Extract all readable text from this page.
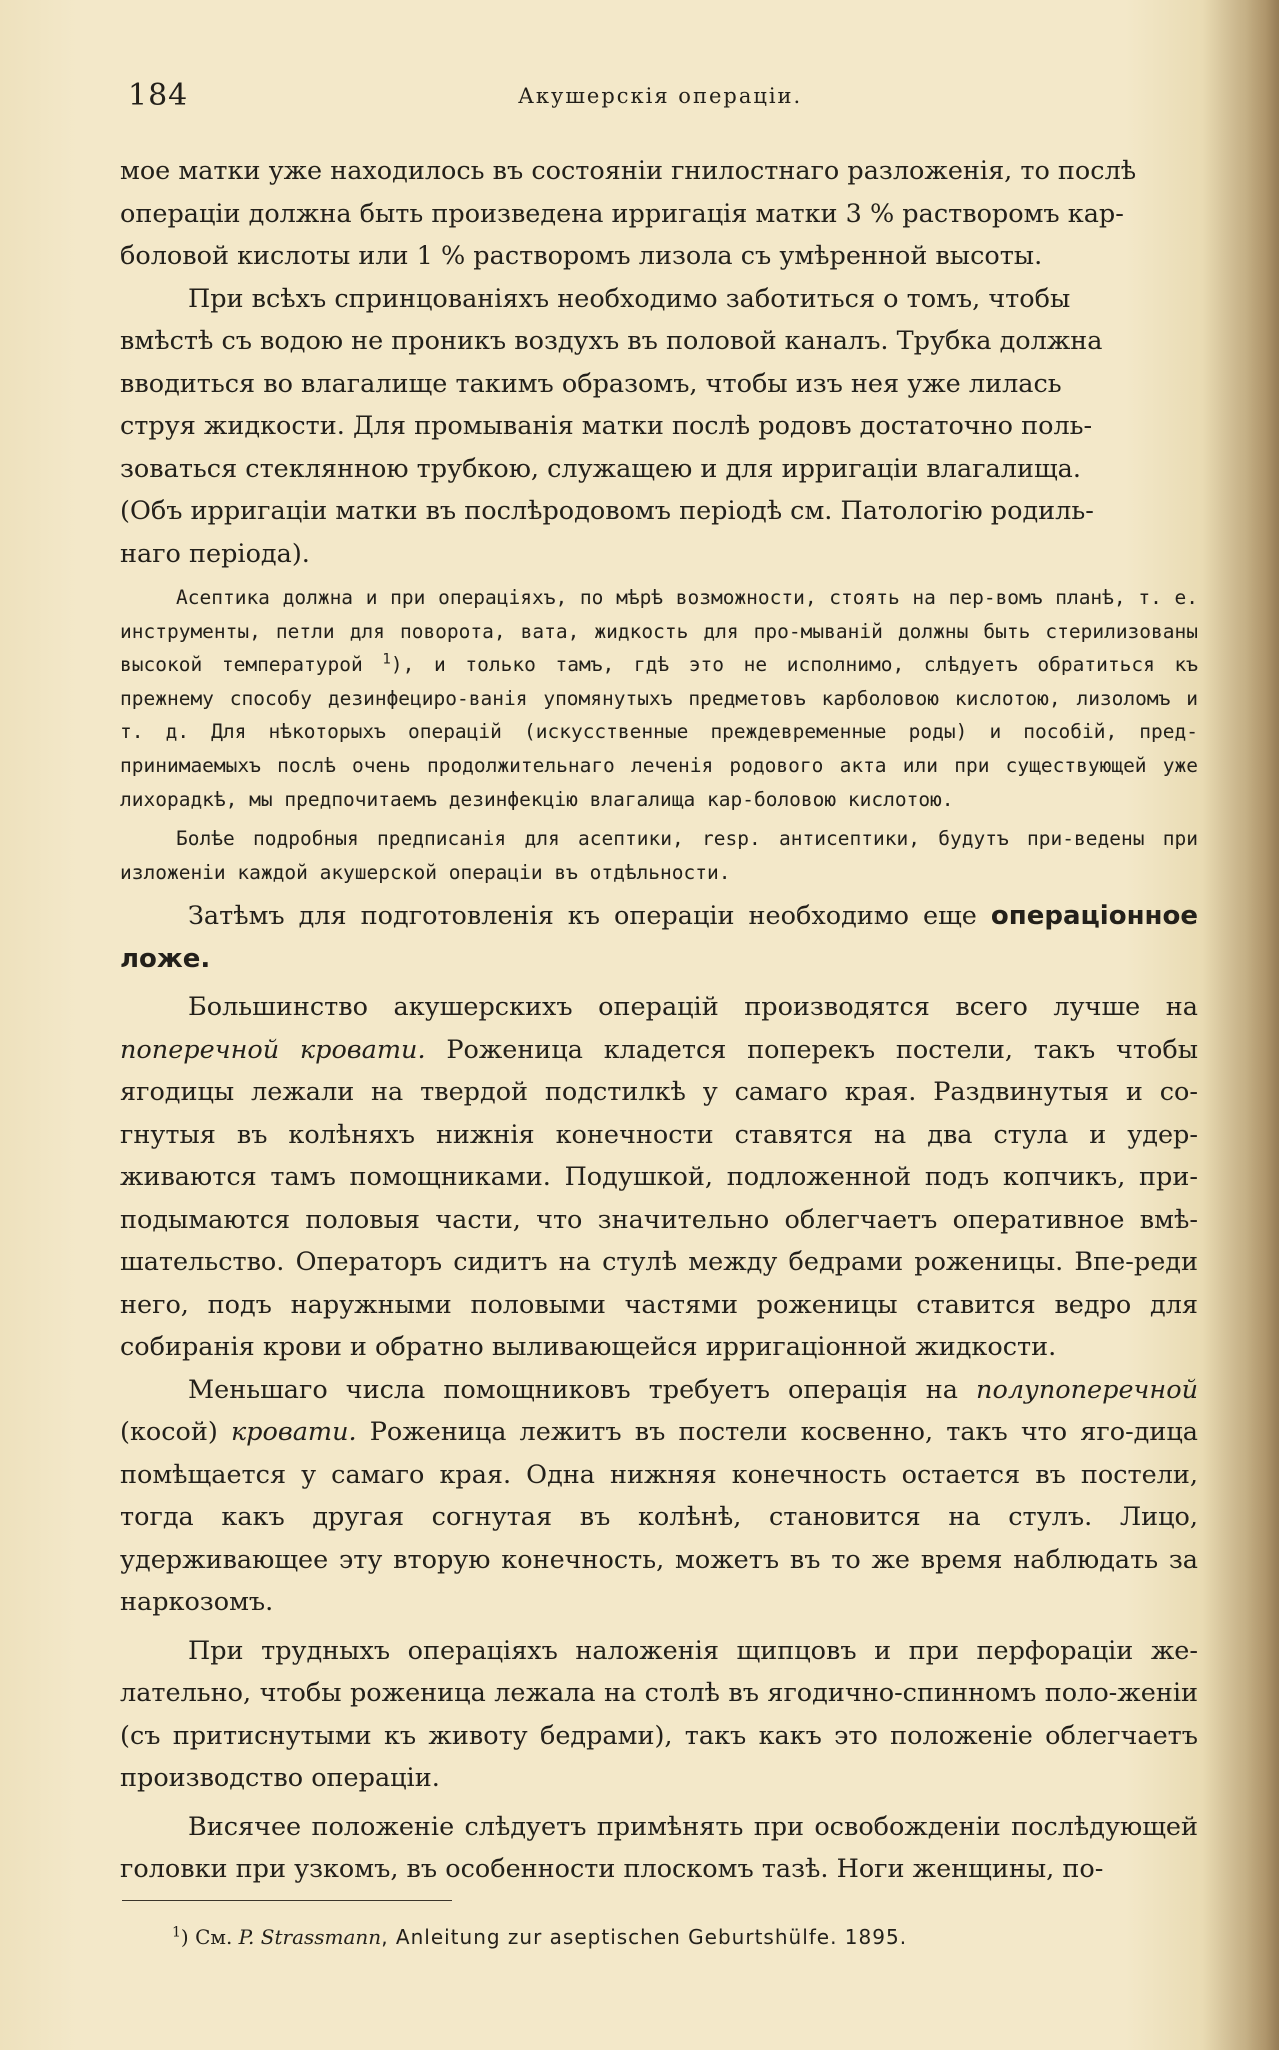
184	Акушерскія операціи.

мое матки уже находилось въ состояніи гнилостнаго разложенія, то послѣ
операціи должна быть произведена ирригація матки 3 % растворомъ кар-
боловой кислоты или 1 % растворомъ лизола съ умѣренной высоты.

При всѣхъ спринцованіяхъ необходимо заботиться о томъ, чтобы
вмѣстѣ съ водою не проникъ воздухъ въ половой каналъ. Трубка должна
вводиться во влагалище такимъ образомъ, чтобы изъ нея уже лилась
струя жидкости. Для промыванія матки послѣ родовъ достаточно поль-
зоваться стеклянною трубкою, служащею и для ирригаціи влагалища.
(Объ ирригаціи матки въ послѣродовомъ періодѣ см. Патологію родиль-
наго періода).

Асептика должна и при операціяхъ, по мѣрѣ возможности, стоять на пер-вомъ планѣ, т. е. инструменты, петли для поворота, вата, жидкость для про-мыванiй должны быть стерилизованы высокой температурой $^1$), и только тамъ, гдѣ это не исполнимо, слѣдуетъ обратиться къ прежнему способу дезинфециро-ванія упомянутыхъ предметовъ карболовою кислотою, лизоломъ и т. д. Для нѣкоторыхъ операцій (искусственные преждевременные роды) и пособій, пред-принимаемыхъ послѣ очень продолжительнаго леченія родового акта или при существующей уже лихорадкѣ, мы предпочитаемъ дезинфекцію влагалища кар-боловою кислотою.

Болѣе подробныя предписанія для асептики, resp. антисептики, будутъ при-ведены при изложеніи каждой акушерской операціи въ отдѣльности.

Затѣмъ для подготовленія къ операціи необходимо еще операціонное ложе.

Большинство акушерскихъ операцій производятся всего лучше на поперечной кровати. Роженица кладется поперекъ постели, такъ чтобы ягодицы лежали на твердой подстилкѣ у самаго края. Раздвинутыя и со-гнутыя въ колѣняхъ нижнія конечности ставятся на два стула и удер-живаются тамъ помощниками. Подушкой, подложенной подъ копчикъ, при-подымаются половыя части, что значительно облегчаетъ оперативное вмѣ-шательство. Операторъ сидитъ на стулѣ между бедрами роженицы. Впе-реди него, подъ наружными половыми частями роженицы ставится ведро для собиранія крови и обратно выливающейся ирригаціонной жидкости.

Меньшаго числа помощниковъ требуетъ операція на полупоперечной (косой) кровати. Роженица лежитъ въ постели косвенно, такъ что яго-дица помѣщается у самаго края. Одна нижняя конечность остается въ постели, тогда какъ другая согнутая въ колѣнѣ, становится на стулъ. Лицо, удерживающее эту вторую конечность, можетъ въ то же время наблюдать за наркозомъ.

При трудныхъ операціяхъ наложенія щипцовъ и при перфораціи же-лательно, чтобы роженица лежала на столѣ въ ягодично-спинномъ поло-женіи (съ притиснутыми къ животу бедрами), такъ какъ это положеніе облегчаетъ производство операціи.

Висячее положеніе слѣдуетъ примѣнять при освобожденіи послѣдующей головки при узкомъ, въ особенности плоскомъ тазѣ. Ноги женщины, по-

$^1$) См. P. Strassmann, Anleitung zur aseptischen Geburtshülfe. 1895.
